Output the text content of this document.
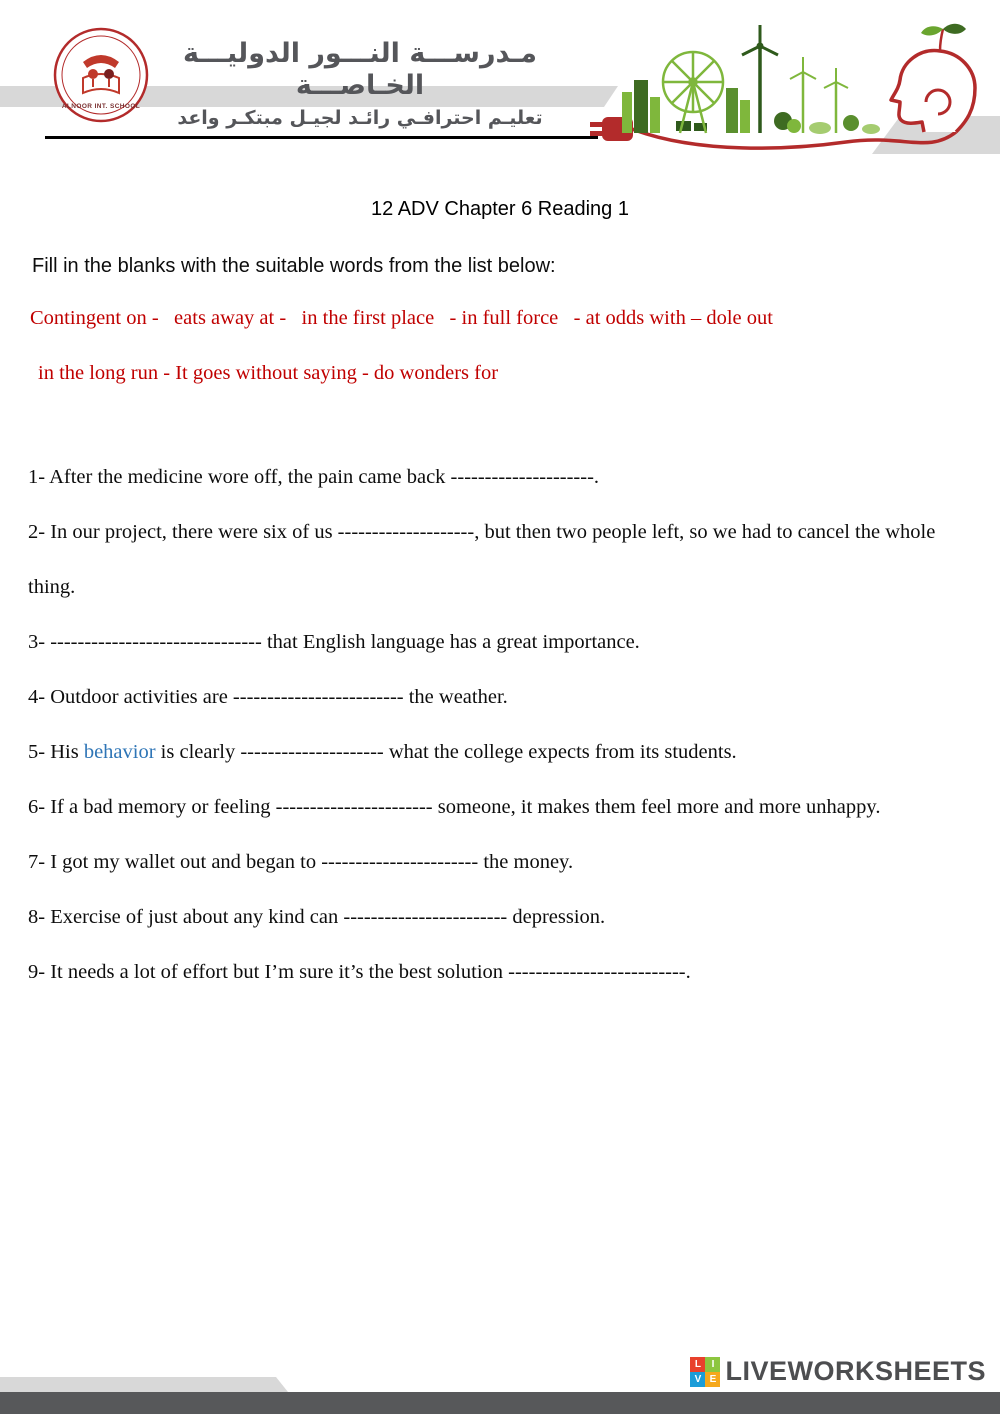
ALNOOR INT. SCHOOL
مـدرســـة النـــور الدوليـــة الخـاصـــة
تعليـم احترافـي رائـد لجيـل مبتكـر واعد
12 ADV Chapter 6 Reading 1

Fill in the blanks with the suitable words from the list below:

Contingent on -   eats away at -   in the first place   - in full force   - at odds with – dole out

in the long run - It goes without saying - do wonders for

1- After the medicine wore off, the pain came back ---------------------.

2- In our project, there were six of us --------------------, but then two people left, so we had to cancel the whole thing.

3- ------------------------------- that English language has a great importance.

4- Outdoor activities are ------------------------- the weather.

5- His behavior is clearly --------------------- what the college expects from its students.

6- If a bad memory or feeling ----------------------- someone, it makes them feel more and more unhappy.

7- I got my wallet out and began to ----------------------- the money.

8- Exercise of just about any kind can ------------------------ depression.

9- It needs a lot of effort but I’m sure it’s the best solution --------------------------.

L	I
V E LIVEWORKSHEETS
